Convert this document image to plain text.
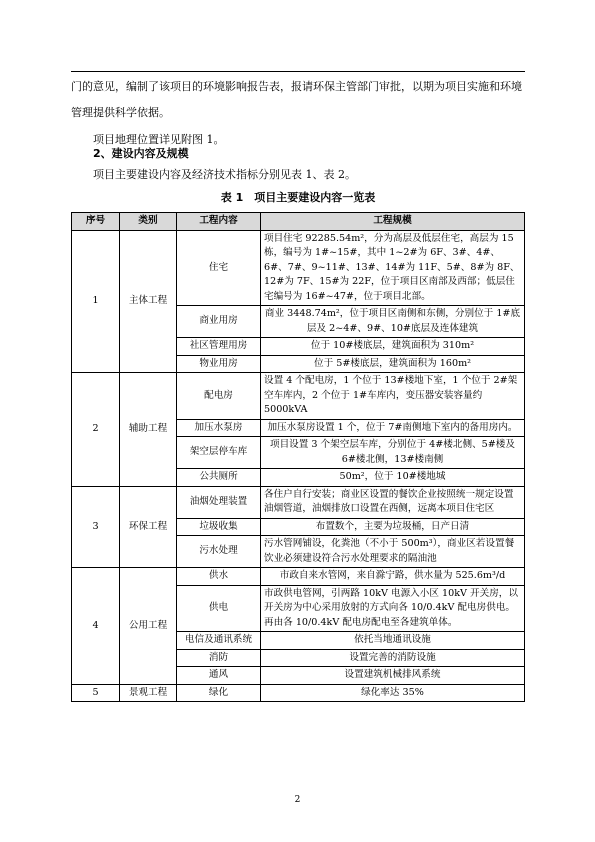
门的意见，编制了该项目的环境影响报告表，报请环保主管部门审批，以期为项目实施和环境管理提供科学依据。

项目地理位置详见附图 1。

2、建设内容及规模

项目主要建设内容及经济技术指标分别见表 1、表 2。

表 1　项目主要建设内容一览表
序号	类别	工程内容	工程规模
1	主体工程	住宅	项目住宅 92285.54m²，分为高层及低层住宅，高层为 15 栋，编号为 1#~15#，其中 1~2#为 6F、3#、4#、6#、7#、9~11#、13#、14#为 11F、5#、8#为 8F、12#为 7F、15#为 22F，位于项目区南部及西部；低层住宅编号为 16#~47#，位于项目北部。
		商业用房	商业 3448.74m²，位于项目区南侧和东侧，分别位于 1#底层及 2~4#、9#、10#底层及连体建筑
		社区管理用房	位于 10#楼底层，建筑面积为 310m²
		物业用房	位于 5#楼底层，建筑面积为 160m²
2	辅助工程	配电房	设置 4 个配电房，1 个位于 13#楼地下室，1 个位于 2#架空车库内，2 个位于 1#车库内，变压器安装容量约 5000kVA
		加压水泵房	加压水泵房设置 1 个，位于 7#南侧地下室内的备用房内。
		架空层停车库	项目设置 3 个架空层车库，分别位于 4#楼北侧、5#楼及 6#楼北侧，13#楼南侧
		公共厕所	50m²，位于 10#楼地城
3	环保工程	油烟处理装置	各住户自行安装；商业区设置的餐饮企业按照统一规定设置油烟管道，油烟排放口设置在西侧，远离本项目住宅区
		垃圾收集	布置数个，主要为垃圾桶，日产日清
		污水处理	污水管网铺设，化粪池（不小于 500m³），商业区若设置餐饮业必须建设符合污水处理要求的隔油池
4	公用工程	供水	市政自来水管网，来自滁宁路，供水量为 525.6m³/d
		供电	市政供电管网，引两路 10kV 电源入小区 10kV 开关房，以开关房为中心采用放射的方式向各 10/0.4kV 配电房供电。再由各 10/0.4kV 配电房配电至各建筑单体。
		电信及通讯系统	依托当地通讯设施
		消防	设置完善的消防设施
		通风	设置建筑机械排风系统
5	景观工程	绿化	绿化率达 35%
2
